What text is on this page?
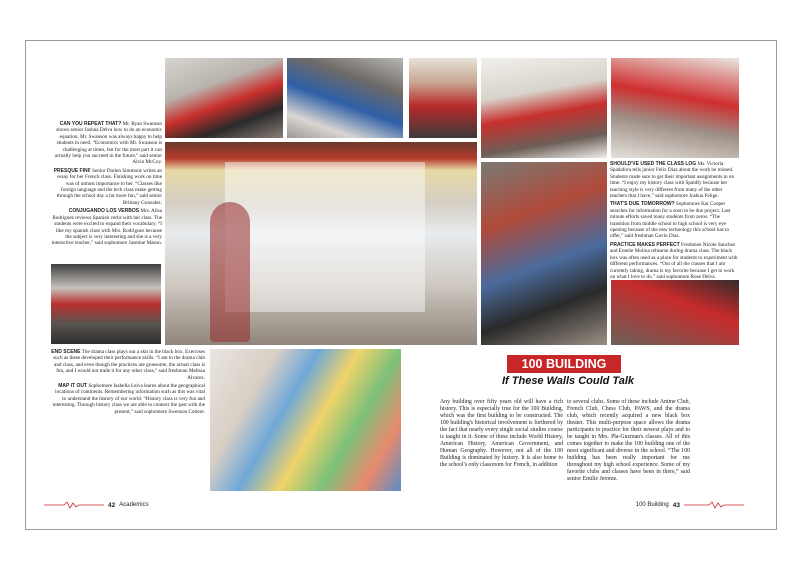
CAN YOU REPEAT THAT? Mr. Ryan Swanson shows senior Joshua Delva how to do an economic equation. Mr. Swanson was always happy to help students in need. “Economics with Mr. Swanson is challenging at times, but for the most part it can actually help you succeed in the future,” said senior Alvin McCoy.

PRESQUE FINI! Senior Darien Simmons writes an essay for her French class. Finishing work on time was of utmost importance to her. “Classes like foreign language and the tech class make getting through the school day a lot more fun,” said senior Brittany Gonzalez.

CONJUGANDO LOS VERBOS Mrs. Alisa Rodriguez reviews Spanish verbs with her class. The students were excited to expand their vocabulary. “I like my spanish class with Mrs. Rodriguez because the subject is very interesting and she is a very interactive teacher,” said sophomore Jasmine Mason.

END SCENE The drama class plays out a skit in the black box. Exercises such as these developed their performance skills. “I am in the drama club and class, and even though the practices are gruesome, the actual class is fun, and I would not trade it for any other class,” said freshman Melissa Alvarez.

MAP IT OUT Sophomore Isabella Leiva learns about the geographical locations of continents. Remembering information such as this was vital to understand the history of our world. “History class is very fun and interesting. Through history class we are able to connect the past with the present,” said sophomore Swenson Cotiere.

SHOULD'VE USED THE CLASS LOG Ms. Victoria Spadafora tells junior Felix Diaz about the work he missed. Students made sure to get their important assignments in on time. “I enjoy my history class with Spaldfy because her teaching style is very different from many of the other teachers that I have,” said sophomore Joshua Felige.

THAT'S DUE TOMORROW? Sophomore Kai Cooper searches for information for a soon to be due project. Last minute efforts saved many students from zeros. “The transition from middle school to high school is very eye opening because of the new technology this school has to offer,” said freshman Gavin Diaz.

PRACTICE MAKES PERFECT Freshmen Nicole Sanchez and Emelie Molina rehearse during drama class. The black box was often used as a place for students to experiment with different performances. “Out of all the classes that I am currently taking, drama is my favorite because I get to work on what I love to do,” said sophomore Rose Delva.

100 BUILDING
If These Walls Could Talk
Any building over fifty years old will have a rich history. This is especially true for the 100 Building, which was the first building to be constructed. The 100 building's historical involvement is furthered by the fact that nearly every single social studies course is taught in it. Some of these include World History, American History, American Government, and Human Geography. However, not all of the 100 Building is dominated by history. It is also home to the school's only classroom for French, in addition
to several clubs. Some of these include Anime Club, French Club, Chess Club, PAWS, and the drama club, which recently acquired a new black box theater. This multi-purpose space allows the drama participants to practice for their newest plays and to be taught in Mrs. Pla-Guzman's classes. All of this comes together to make the 100 building one of the most significant and diverse in the school. “The 100 building has been really important for me throughout my high school experience. Some of my favorite clubs and classes have been in there,” said senior Emilie Jerome.
42 Academics	100 Building 43
